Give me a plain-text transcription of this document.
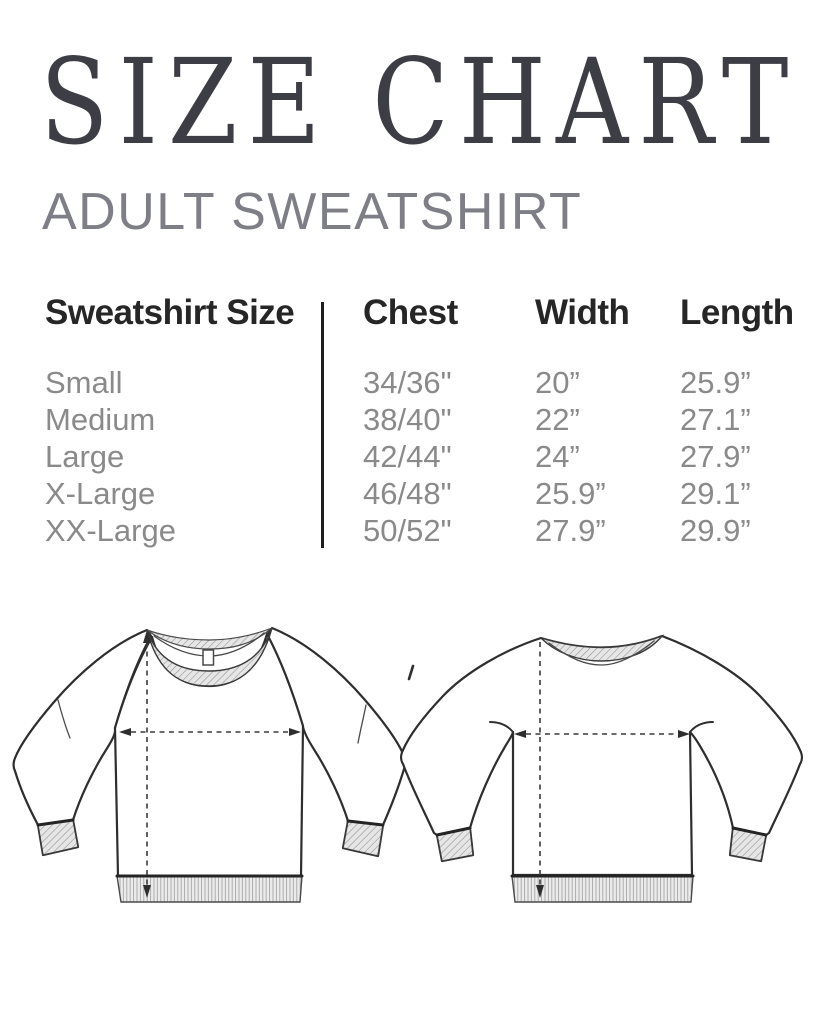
SIZE CHART
ADULT SWEATSHIRT
Sweatshirt Size	Chest	Width	Length
Small	34/36"	20”	25.9”
Medium	38/40"	22”	27.1”
Large	42/44"	24”	27.9”
X-Large	46/48"	25.9”	29.1”
XX-Large	50/52"	27.9”	29.9”
